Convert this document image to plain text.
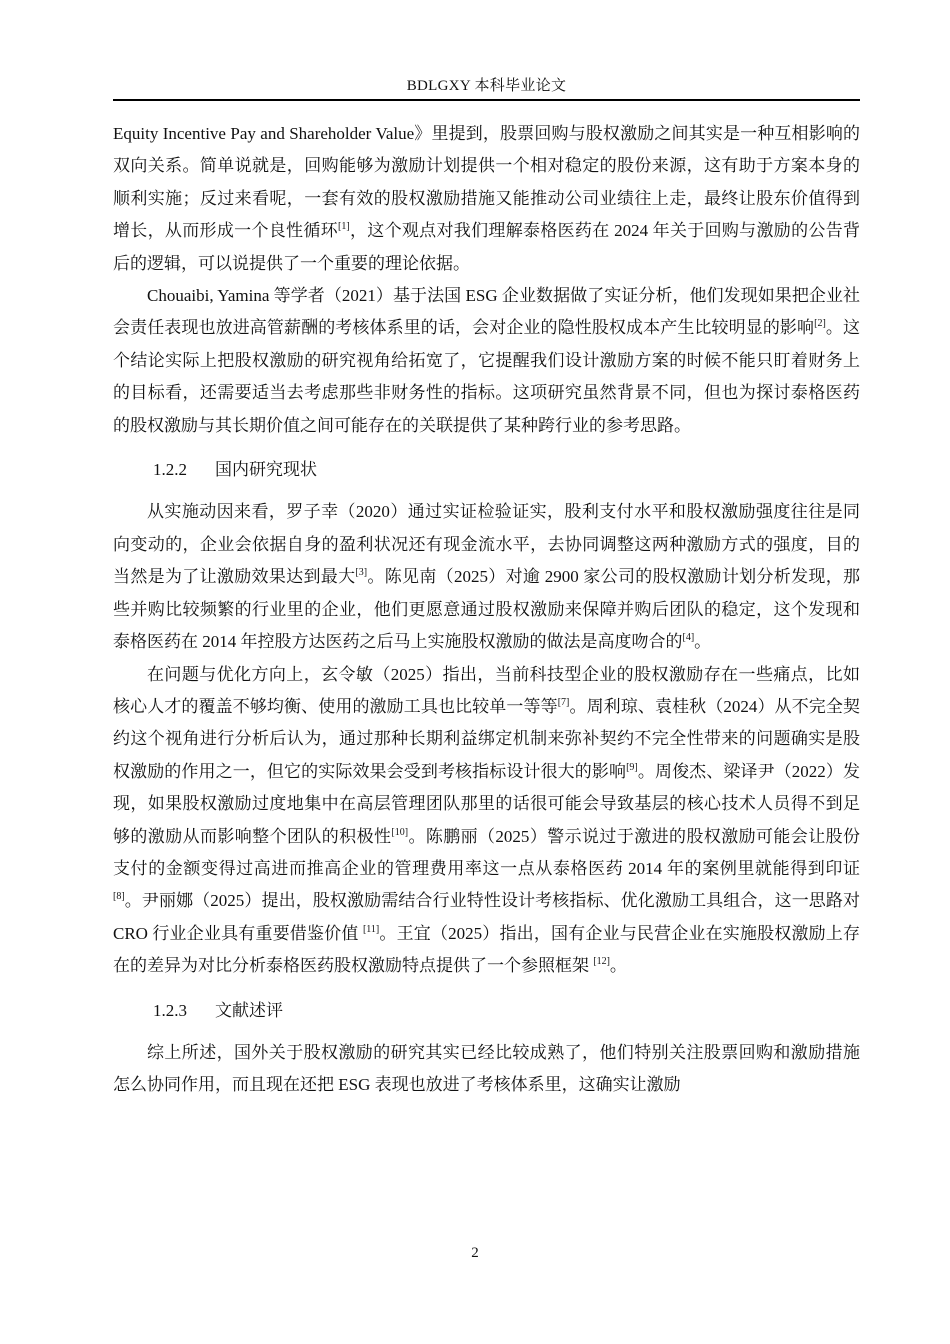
BDLGXY 本科毕业论文

Equity Incentive Pay and Shareholder Value》里提到，股票回购与股权激励之间其实是一种互相影响的双向关系。简单说就是，回购能够为激励计划提供一个相对稳定的股份来源，这有助于方案本身的顺利实施；反过来看呢，一套有效的股权激励措施又能推动公司业绩往上走，最终让股东价值得到增长，从而形成一个良性循环[1]，这个观点对我们理解泰格医药在 2024 年关于回购与激励的公告背后的逻辑，可以说提供了一个重要的理论依据。

Chouaibi, Yamina 等学者（2021）基于法国 ESG 企业数据做了实证分析，他们发现如果把企业社会责任表现也放进高管薪酬的考核体系里的话，会对企业的隐性股权成本产生比较明显的影响[2]。这个结论实际上把股权激励的研究视角给拓宽了，它提醒我们设计激励方案的时候不能只盯着财务上的目标看，还需要适当去考虑那些非财务性的指标。这项研究虽然背景不同，但也为探讨泰格医药的股权激励与其长期价值之间可能存在的关联提供了某种跨行业的参考思路。

1.2.2 国内研究现状

从实施动因来看，罗子幸（2020）通过实证检验证实，股利支付水平和股权激励强度往往是同向变动的，企业会依据自身的盈利状况还有现金流水平，去协同调整这两种激励方式的强度，目的当然是为了让激励效果达到最大[3]。陈见南（2025）对逾 2900 家公司的股权激励计划分析发现，那些并购比较频繁的行业里的企业，他们更愿意通过股权激励来保障并购后团队的稳定，这个发现和泰格医药在 2014 年控股方达医药之后马上实施股权激励的做法是高度吻合的[4]。

在问题与优化方向上，玄令敏（2025）指出，当前科技型企业的股权激励存在一些痛点，比如核心人才的覆盖不够均衡、使用的激励工具也比较单一等等[7]。周利琼、袁桂秋（2024）从不完全契约这个视角进行分析后认为，通过那种长期利益绑定机制来弥补契约不完全性带来的问题确实是股权激励的作用之一，但它的实际效果会受到考核指标设计很大的影响[9]。周俊杰、梁译尹（2022）发现，如果股权激励过度地集中在高层管理团队那里的话很可能会导致基层的核心技术人员得不到足够的激励从而影响整个团队的积极性[10]。陈鹏丽（2025）警示说过于激进的股权激励可能会让股份支付的金额变得过高进而推高企业的管理费用率这一点从泰格医药 2014 年的案例里就能得到印证[8]。尹丽娜（2025）提出，股权激励需结合行业特性设计考核指标、优化激励工具组合，这一思路对 CRO 行业企业具有重要借鉴价值 [11]。王宜（2025）指出，国有企业与民营企业在实施股权激励上存在的差异为对比分析泰格医药股权激励特点提供了一个参照框架 [12]。

1.2.3 文献述评

综上所述，国外关于股权激励的研究其实已经比较成熟了，他们特别关注股票回购和激励措施怎么协同作用，而且现在还把 ESG 表现也放进了考核体系里，这确实让激励

2
